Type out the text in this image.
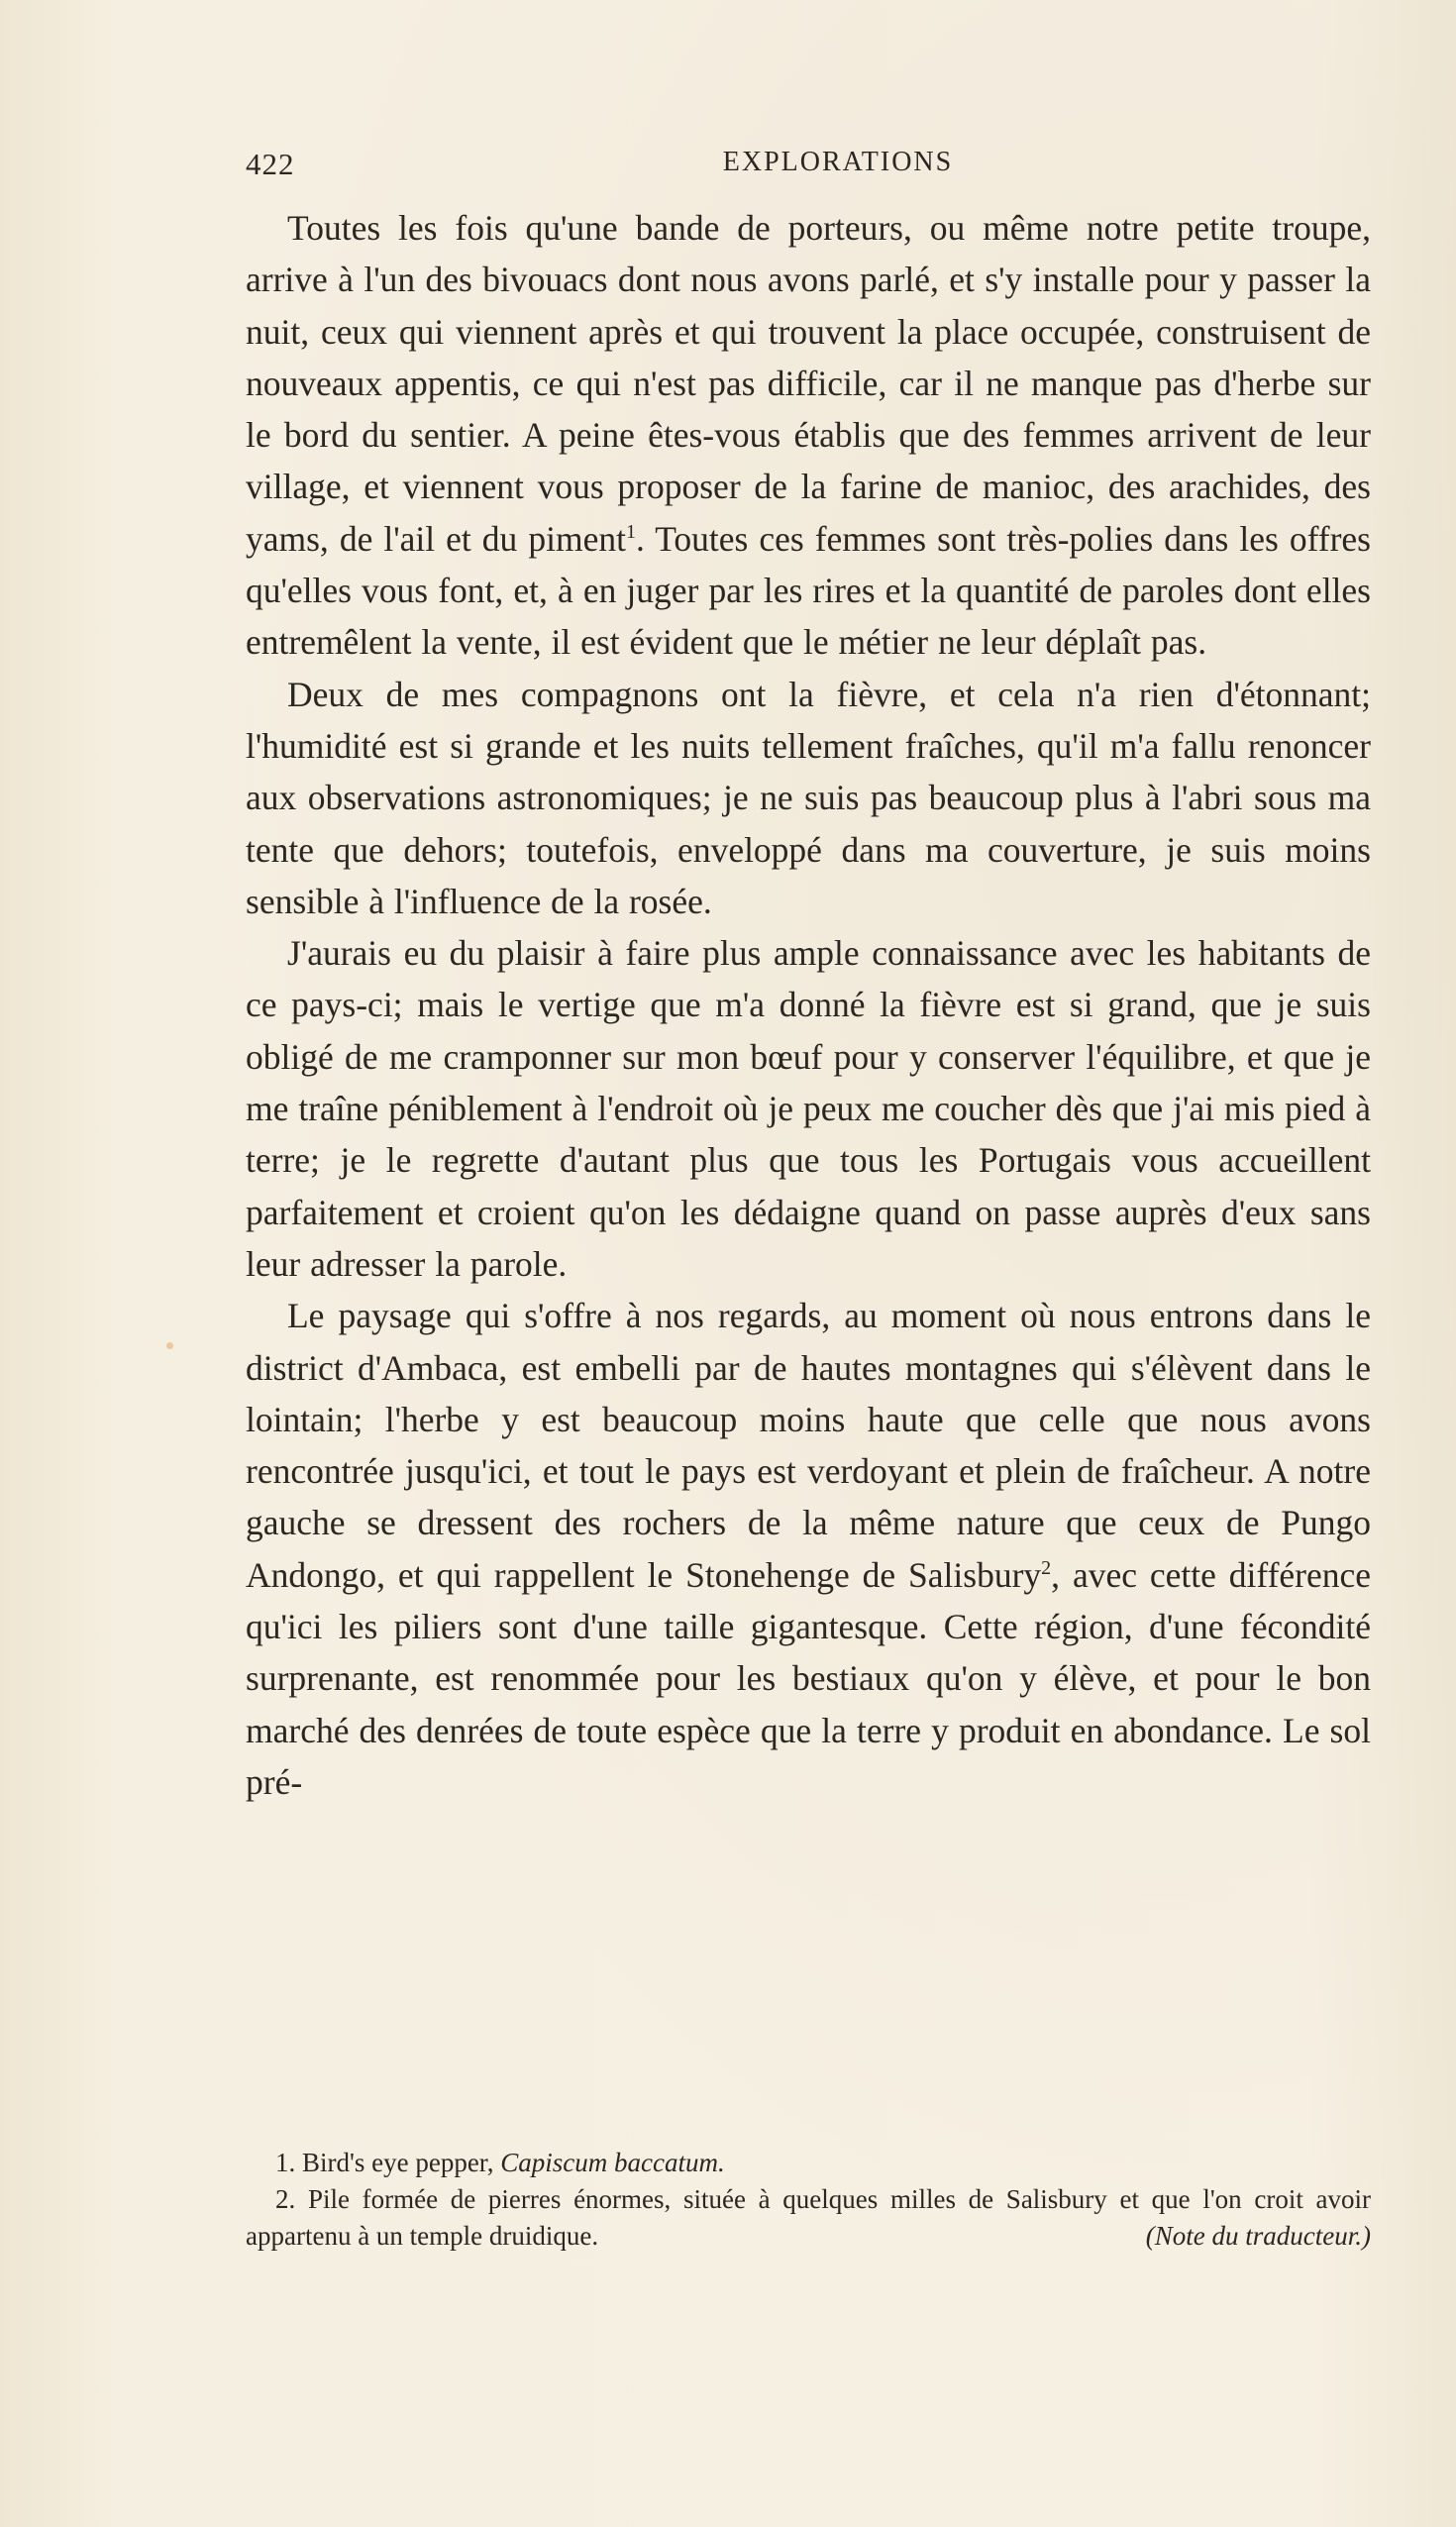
422	EXPLORATIONS

Toutes les fois qu'une bande de porteurs, ou même notre petite troupe, arrive à l'un des bivouacs dont nous avons parlé, et s'y installe pour y passer la nuit, ceux qui viennent après et qui trouvent la place occupée, construisent de nouveaux appentis, ce qui n'est pas difficile, car il ne manque pas d'herbe sur le bord du sentier. A peine êtes-vous établis que des femmes arrivent de leur village, et viennent vous proposer de la farine de manioc, des arachides, des yams, de l'ail et du piment$^1$. Toutes ces femmes sont très-polies dans les offres qu'elles vous font, et, à en juger par les rires et la quantité de paroles dont elles entremêlent la vente, il est évident que le métier ne leur déplaît pas.

Deux de mes compagnons ont la fièvre, et cela n'a rien d'étonnant; l'humidité est si grande et les nuits tellement fraîches, qu'il m'a fallu renoncer aux observations astronomiques; je ne suis pas beaucoup plus à l'abri sous ma tente que dehors; toutefois, enveloppé dans ma couverture, je suis moins sensible à l'influence de la rosée.

J'aurais eu du plaisir à faire plus ample connaissance avec les habitants de ce pays-ci; mais le vertige que m'a donné la fièvre est si grand, que je suis obligé de me cramponner sur mon bœuf pour y conserver l'équilibre, et que je me traîne péniblement à l'endroit où je peux me coucher dès que j'ai mis pied à terre; je le regrette d'autant plus que tous les Portugais vous accueillent parfaitement et croient qu'on les dédaigne quand on passe auprès d'eux sans leur adresser la parole.

Le paysage qui s'offre à nos regards, au moment où nous entrons dans le district d'Ambaca, est embelli par de hautes montagnes qui s'élèvent dans le lointain; l'herbe y est beaucoup moins haute que celle que nous avons rencontrée jusqu'ici, et tout le pays est verdoyant et plein de fraîcheur. A notre gauche se dressent des rochers de la même nature que ceux de Pungo Andongo, et qui rappellent le Stonehenge de Salisbury$^2$, avec cette différence qu'ici les piliers sont d'une taille gigantesque. Cette région, d'une fécondité surprenante, est renommée pour les bestiaux qu'on y élève, et pour le bon marché des denrées de toute espèce que la terre y produit en abondance. Le sol pré-

1. Bird's eye pepper, Capiscum baccatum.

2. Pile formée de pierres énormes, située à quelques milles de Salisbury et que l'on croit avoir appartenu à un temple druidique.	(Note du traducteur.)
